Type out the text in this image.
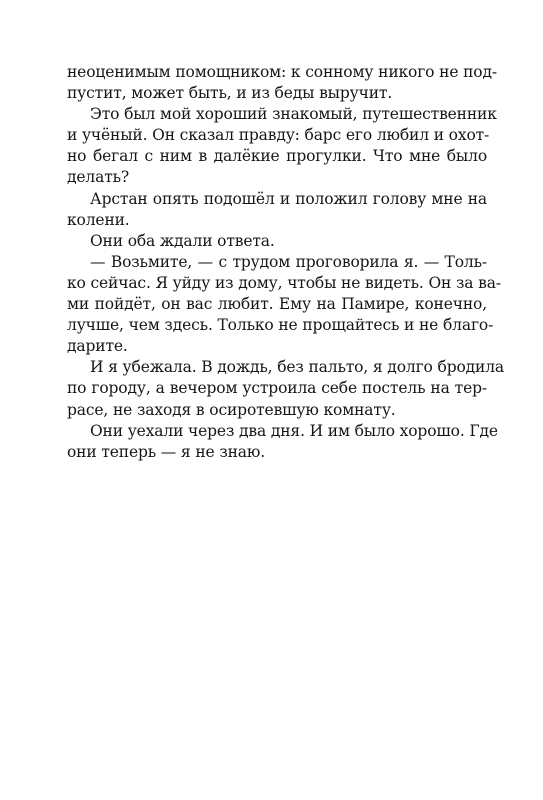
неоценимым помощником: к сонному никого не под-
пустит, может быть, и из беды выручит.
Это был мой хороший знакомый, путешественник
и учёный. Он сказал правду: барс его любил и охот-
но бегал с ним в далёкие прогулки. Что мне было
делать?
Арстан опять подошёл и положил голову мне на
колени.
Они оба ждали ответа.
— Возьмите, — с трудом проговорила я. — Толь-
ко сейчас. Я уйду из дому, чтобы не видеть. Он за ва-
ми пойдёт, он вас любит. Ему на Памире, конечно,
лучше, чем здесь. Только не прощайтесь и не благо-
дарите.
И я убежала. В дождь, без пальто, я долго бродила
по городу, а вечером устроила себе постель на тер-
расе, не заходя в осиротевшую комнату.
Они уехали через два дня. И им было хорошо. Где
они теперь — я не знаю.
